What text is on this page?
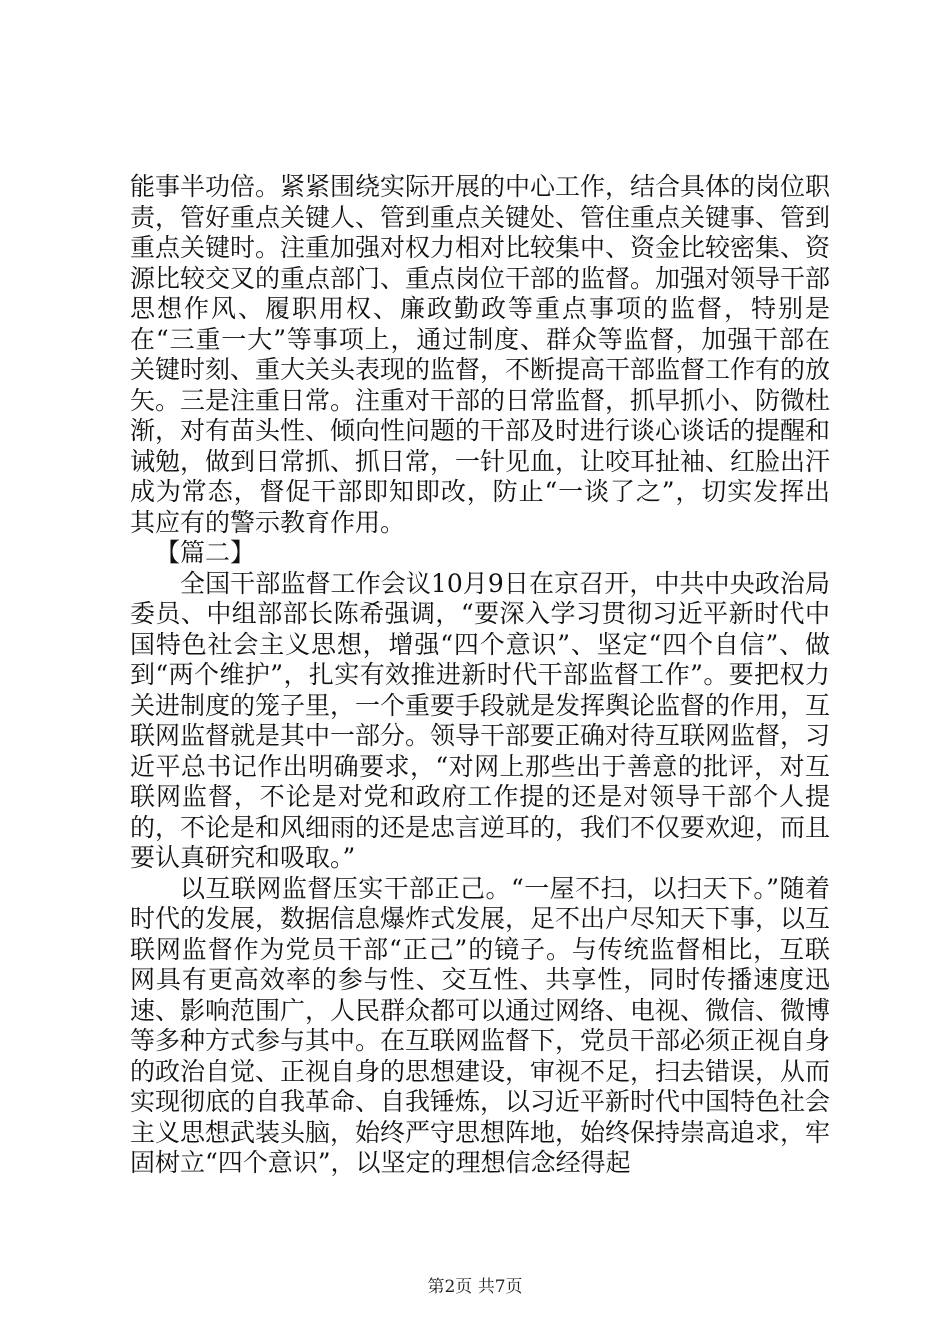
能事半功倍。紧紧围绕实际开展的中心工作，结合具体的岗位职责，管好重点关键人、管到重点关键处、管住重点关键事、管到重点关键时。注重加强对权力相对比较集中、资金比较密集、资源比较交叉的重点部门、重点岗位干部的监督。加强对领导干部思想作风、履职用权、廉政勤政等重点事项的监督，特别是在“三重一大”等事项上，通过制度、群众等监督，加强干部在关键时刻、重大关头表现的监督，不断提高干部监督工作有的放矢。三是注重日常。注重对干部的日常监督，抓早抓小、防微杜渐，对有苗头性、倾向性问题的干部及时进行谈心谈话的提醒和诫勉，做到日常抓、抓日常，一针见血，让咬耳扯袖、红脸出汗成为常态，督促干部即知即改，防止“一谈了之”，切实发挥出其应有的警示教育作用。

【篇二】

全国干部监督工作会议10月9日在京召开，中共中央政治局委员、中组部部长陈希强调，“要深入学习贯彻习近平新时代中国特色社会主义思想，增强“四个意识”、坚定“四个自信”、做到“两个维护”，扎实有效推进新时代干部监督工作”。要把权力关进制度的笼子里，一个重要手段就是发挥舆论监督的作用，互联网监督就是其中一部分。领导干部要正确对待互联网监督，习近平总书记作出明确要求，“对网上那些出于善意的批评，对互联网监督，不论是对党和政府工作提的还是对领导干部个人提的，不论是和风细雨的还是忠言逆耳的，我们不仅要欢迎，而且要认真研究和吸取。”

以互联网监督压实干部正己。“一屋不扫，以扫天下。”随着时代的发展，数据信息爆炸式发展，足不出户尽知天下事，以互联网监督作为党员干部“正己”的镜子。与传统监督相比，互联网具有更高效率的参与性、交互性、共享性，同时传播速度迅速、影响范围广，人民群众都可以通过网络、电视、微信、微博等多种方式参与其中。在互联网监督下，党员干部必须正视自身的政治自觉、正视自身的思想建设，审视不足，扫去错误，从而实现彻底的自我革命、自我锤炼，以习近平新时代中国特色社会主义思想武装头脑，始终严守思想阵地，始终保持崇高追求，牢固树立“四个意识”，以坚定的理想信念经得起

第2页 共7页
